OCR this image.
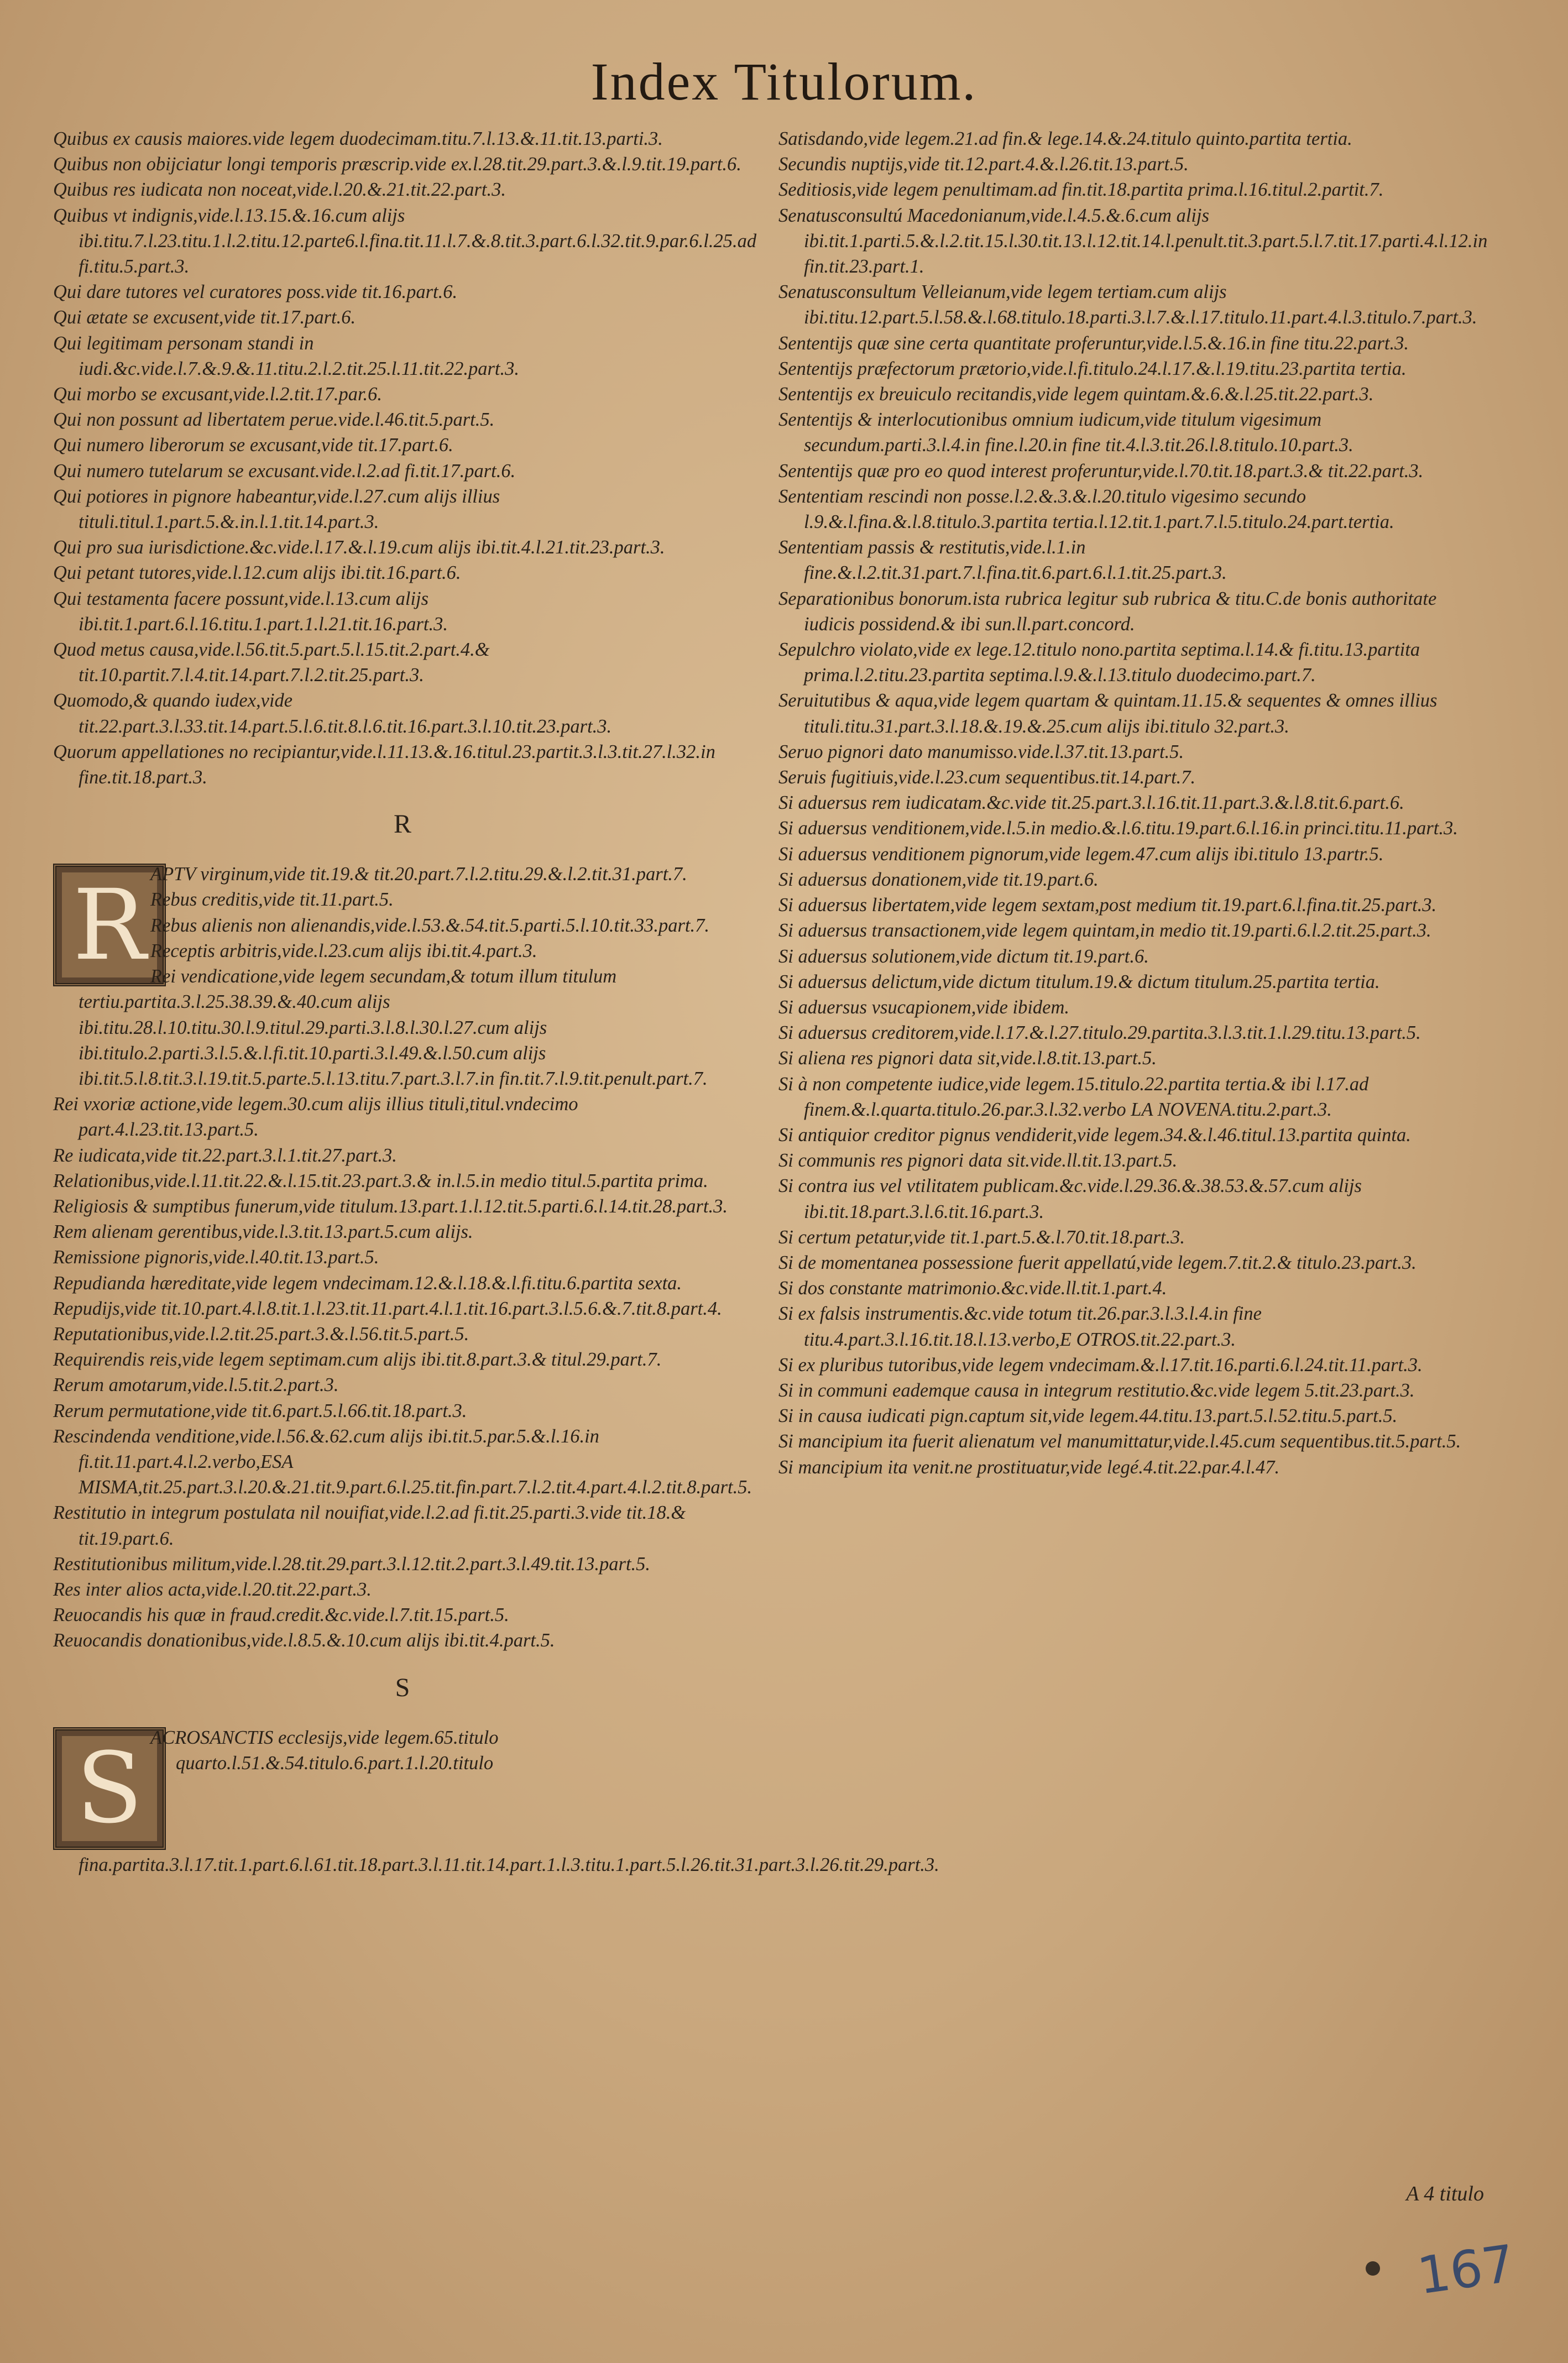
Index Titulorum.

Quibus ex causis maiores.vide legem duodecimam.titu.7.l.13.&.11.tit.13.parti.3.

Quibus non obijciatur longi temporis præscrip.vide ex.l.28.tit.29.part.3.&.l.9.tit.19.part.6.

Quibus res iudicata non noceat,vide.l.20.&.21.tit.22.part.3.

Quibus vt indignis,vide.l.13.15.&.16.cum alijs ibi.titu.7.l.23.titu.1.l.2.titu.12.parte6.l.fina.tit.11.l.7.&.8.tit.3.part.6.l.32.tit.9.par.6.l.25.ad fi.titu.5.part.3.

Qui dare tutores vel curatores poss.vide tit.16.part.6.

Qui ætate se excusent,vide tit.17.part.6.

Qui legitimam personam standi in iudi.&c.vide.l.7.&.9.&.11.titu.2.l.2.tit.25.l.11.tit.22.part.3.

Qui morbo se excusant,vide.l.2.tit.17.par.6.

Qui non possunt ad libertatem perue.vide.l.46.tit.5.part.5.

Qui numero liberorum se excusant,vide tit.17.part.6.

Qui numero tutelarum se excusant.vide.l.2.ad fi.tit.17.part.6.

Qui potiores in pignore habeantur,vide.l.27.cum alijs illius tituli.titul.1.part.5.&.in.l.1.tit.14.part.3.

Qui pro sua iurisdictione.&c.vide.l.17.&.l.19.cum alijs ibi.tit.4.l.21.tit.23.part.3.

Qui petant tutores,vide.l.12.cum alijs ibi.tit.16.part.6.

Qui testamenta facere possunt,vide.l.13.cum alijs ibi.tit.1.part.6.l.16.titu.1.part.1.l.21.tit.16.part.3.

Quod metus causa,vide.l.56.tit.5.part.5.l.15.tit.2.part.4.& tit.10.partit.7.l.4.tit.14.part.7.l.2.tit.25.part.3.

Quomodo,& quando iudex,vide tit.22.part.3.l.33.tit.14.part.5.l.6.tit.8.l.6.tit.16.part.3.l.10.tit.23.part.3.

Quorum appellationes no recipiantur,vide.l.11.13.&.16.titul.23.partit.3.l.3.tit.27.l.32.in fine.tit.18.part.3.

R
R APTV virginum,vide tit.19.& tit.20.part.7.l.2.titu.29.&.l.2.tit.31.part.7.

Rebus creditis,vide tit.11.part.5.

Rebus alienis non alienandis,vide.l.53.&.54.tit.5.parti.5.l.10.tit.33.part.7.

Receptis arbitris,vide.l.23.cum alijs ibi.tit.4.part.3.

Rei vendicatione,vide legem secundam,& totum illum titulum tertiu.partita.3.l.25.38.39.&.40.cum alijs ibi.titu.28.l.10.titu.30.l.9.titul.29.parti.3.l.8.l.30.l.27.cum alijs ibi.titulo.2.parti.3.l.5.&.l.fi.tit.10.parti.3.l.49.&.l.50.cum alijs ibi.tit.5.l.8.tit.3.l.19.tit.5.parte.5.l.13.titu.7.part.3.l.7.in fin.tit.7.l.9.tit.penult.part.7.

Rei vxoriæ actione,vide legem.30.cum alijs illius tituli,titul.vndecimo part.4.l.23.tit.13.part.5.

Re iudicata,vide tit.22.part.3.l.1.tit.27.part.3.

Relationibus,vide.l.11.tit.22.&.l.15.tit.23.part.3.& in.l.5.in medio titul.5.partita prima.

Religiosis & sumptibus funerum,vide titulum.13.part.1.l.12.tit.5.parti.6.l.14.tit.28.part.3.

Rem alienam gerentibus,vide.l.3.tit.13.part.5.cum alijs.

Remissione pignoris,vide.l.40.tit.13.part.5.

Repudianda hæreditate,vide legem vndecimam.12.&.l.18.&.l.fi.titu.6.partita sexta.

Repudijs,vide tit.10.part.4.l.8.tit.1.l.23.tit.11.part.4.l.1.tit.16.part.3.l.5.6.&.7.tit.8.part.4.

Reputationibus,vide.l.2.tit.25.part.3.&.l.56.tit.5.part.5.

Requirendis reis,vide legem septimam.cum alijs ibi.tit.8.part.3.& titul.29.part.7.

Rerum amotarum,vide.l.5.tit.2.part.3.

Rerum permutatione,vide tit.6.part.5.l.66.tit.18.part.3.

Rescindenda venditione,vide.l.56.&.62.cum alijs ibi.tit.5.par.5.&.l.16.in fi.tit.11.part.4.l.2.verbo,ESA MISMA,tit.25.part.3.l.20.&.21.tit.9.part.6.l.25.tit.fin.part.7.l.2.tit.4.part.4.l.2.tit.8.part.5.

Restitutio in integrum postulata nil nouifiat,vide.l.2.ad fi.tit.25.parti.3.vide tit.18.& tit.19.part.6.

Restitutionibus militum,vide.l.28.tit.29.part.3.l.12.tit.2.part.3.l.49.tit.13.part.5.

Res inter alios acta,vide.l.20.tit.22.part.3.

Reuocandis his quæ in fraud.credit.&c.vide.l.7.tit.15.part.5.

Reuocandis donationibus,vide.l.8.5.&.10.cum alijs ibi.tit.4.part.5.

S
S ACROSANCTIS ecclesijs,vide legem.65.titulo quarto.l.51.&.54.titulo.6.part.1.l.20.titulo fina.partita.3.l.17.tit.1.part.6.l.61.tit.18.part.3.l.11.tit.14.part.1.l.3.titu.1.part.5.l.26.tit.31.part.3.l.26.tit.29.part.3.

Satisdando,vide legem.21.ad fin.& lege.14.&.24.titulo quinto.partita tertia.

Secundis nuptijs,vide tit.12.part.4.&.l.26.tit.13.part.5.

Seditiosis,vide legem penultimam.ad fin.tit.18.partita prima.l.16.titul.2.partit.7.

Senatusconsultú Macedonianum,vide.l.4.5.&.6.cum alijs ibi.tit.1.parti.5.&.l.2.tit.15.l.30.tit.13.l.12.tit.14.l.penult.tit.3.part.5.l.7.tit.17.parti.4.l.12.in fin.tit.23.part.1.

Senatusconsultum Velleianum,vide legem tertiam.cum alijs ibi.titu.12.part.5.l.58.&.l.68.titulo.18.parti.3.l.7.&.l.17.titulo.11.part.4.l.3.titulo.7.part.3.

Sententijs quæ sine certa quantitate proferuntur,vide.l.5.&.16.in fine titu.22.part.3.

Sententijs præfectorum prætorio,vide.l.fi.titulo.24.l.17.&.l.19.titu.23.partita tertia.

Sententijs ex breuiculo recitandis,vide legem quintam.&.6.&.l.25.tit.22.part.3.

Sententijs & interlocutionibus omnium iudicum,vide titulum vigesimum secundum.parti.3.l.4.in fine.l.20.in fine tit.4.l.3.tit.26.l.8.titulo.10.part.3.

Sententijs quæ pro eo quod interest proferuntur,vide.l.70.tit.18.part.3.& tit.22.part.3.

Sententiam rescindi non posse.l.2.&.3.&.l.20.titulo vigesimo secundo l.9.&.l.fina.&.l.8.titulo.3.partita tertia.l.12.tit.1.part.7.l.5.titulo.24.part.tertia.

Sententiam passis & restitutis,vide.l.1.in fine.&.l.2.tit.31.part.7.l.fina.tit.6.part.6.l.1.tit.25.part.3.

Separationibus bonorum.ista rubrica legitur sub rubrica & titu.C.de bonis authoritate iudicis possidend.& ibi sun.ll.part.concord.

Sepulchro violato,vide ex lege.12.titulo nono.partita septima.l.14.& fi.titu.13.partita prima.l.2.titu.23.partita septima.l.9.&.l.13.titulo duodecimo.part.7.

Seruitutibus & aqua,vide legem quartam & quintam.11.15.& sequentes & omnes illius tituli.titu.31.part.3.l.18.&.19.&.25.cum alijs ibi.titulo 32.part.3.

Seruo pignori dato manumisso.vide.l.37.tit.13.part.5.

Seruis fugitiuis,vide.l.23.cum sequentibus.tit.14.part.7.

Si aduersus rem iudicatam.&c.vide tit.25.part.3.l.16.tit.11.part.3.&.l.8.tit.6.part.6.

Si aduersus venditionem,vide.l.5.in medio.&.l.6.titu.19.part.6.l.16.in princi.titu.11.part.3.

Si aduersus venditionem pignorum,vide legem.47.cum alijs ibi.titulo 13.partr.5.

Si aduersus donationem,vide tit.19.part.6.

Si aduersus libertatem,vide legem sextam,post medium tit.19.part.6.l.fina.tit.25.part.3.

Si aduersus transactionem,vide legem quintam,in medio tit.19.parti.6.l.2.tit.25.part.3.

Si aduersus solutionem,vide dictum tit.19.part.6.

Si aduersus delictum,vide dictum titulum.19.& dictum titulum.25.partita tertia.

Si aduersus vsucapionem,vide ibidem.

Si aduersus creditorem,vide.l.17.&.l.27.titulo.29.partita.3.l.3.tit.1.l.29.titu.13.part.5.

Si aliena res pignori data sit,vide.l.8.tit.13.part.5.

Si à non competente iudice,vide legem.15.titulo.22.partita tertia.& ibi l.17.ad finem.&.l.quarta.titulo.26.par.3.l.32.verbo LA NOVENA.titu.2.part.3.

Si antiquior creditor pignus vendiderit,vide legem.34.&.l.46.titul.13.partita quinta.

Si communis res pignori data sit.vide.ll.tit.13.part.5.

Si contra ius vel vtilitatem publicam.&c.vide.l.29.36.&.38.53.&.57.cum alijs ibi.tit.18.part.3.l.6.tit.16.part.3.

Si certum petatur,vide tit.1.part.5.&.l.70.tit.18.part.3.

Si de momentanea possessione fuerit appellatú,vide legem.7.tit.2.& titulo.23.part.3.

Si dos constante matrimonio.&c.vide.ll.tit.1.part.4.

Si ex falsis instrumentis.&c.vide totum tit.26.par.3.l.3.l.4.in fine titu.4.part.3.l.16.tit.18.l.13.verbo,E OTROS.tit.22.part.3.

Si ex pluribus tutoribus,vide legem vndecimam.&.l.17.tit.16.parti.6.l.24.tit.11.part.3.

Si in communi eademque causa in integrum restitutio.&c.vide legem 5.tit.23.part.3.

Si in causa iudicati pign.captum sit,vide legem.44.titu.13.part.5.l.52.titu.5.part.5.

Si mancipium ita fuerit alienatum vel manumittatur,vide.l.45.cum sequentibus.tit.5.part.5.

Si mancipium ita venit.ne prostituatur,vide legé.4.tit.22.par.4.l.47.

A 4 titulo
167
